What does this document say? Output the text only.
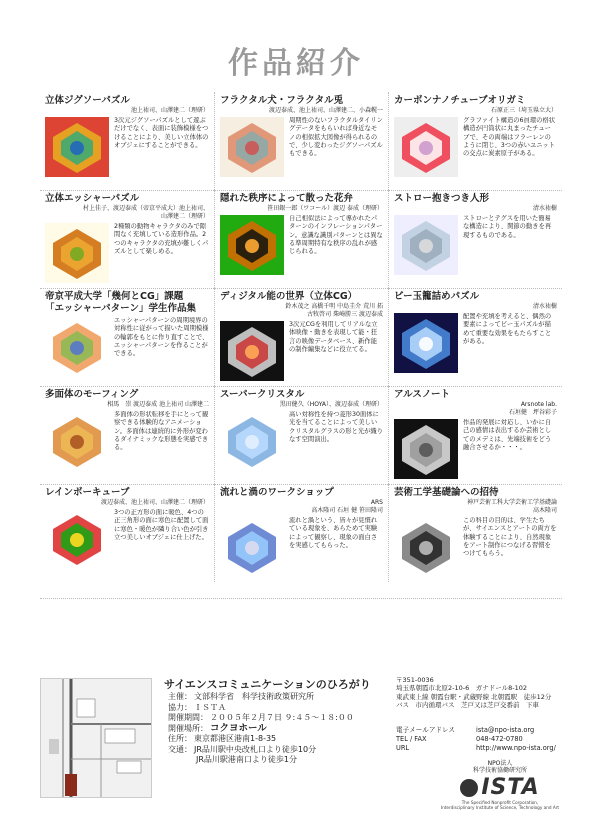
作品紹介
立体ジグソーパズル
池上祐司、山澤建二（理研）
3次元ジグソーパズルとして遊ぶだけでなく、表面に装飾模様をつけることにより、美しい立体体のオブジェにすることができる。
フラクタル犬・フラクタル兎
渡辺泰成、池上祐司、山澤建二、小森幌一
周期性のないフラクタルタイリングデータをもらいれば身近なモノの相似拡大図像が得られるので、少し変わったジグソーパズルもできる。
カーボンナノチューブオリガミ
石原正三（埼玉県立大）
グラファイト構造の6員環の格状構造が円筒状に丸まったチューブで、その両端はフラーレンのように閉じ、3つの赤いユニットの交点に炭素原子がある。
立体エッシャーパズル
村上佳子、渡辺泰成（帝京平成大）池上祐司、
山澤建二（理研）
2種類の動物キャラクタのみで隙間なく充填している造形作品。2つのキャラクタの充填が難しくパズルとして楽しめる。
隠れた秩序によって散った花弁
笹田銀一郎（ワコール）渡辺 泰成（理研）
自己相似法によって導かれたパターンのインフレーションパターン。意識な識別パターンとは異なる準周期特有な秩序の乱れが感じられる。
ストロー抱きつき人形
清水祐樹
ストローとテグスを用いた簡易な構造により、関節の動きを再現するものである。
帝京平成大学「幾何とCG」課題
「エッシャーパターン」学生作品集
エッシャーパターンの周期境界の対称性に従がって描いた周期模様の輪郭をもとに作り直すことで、エッシャーパターンを作ることができる。
ディジタル能の世界（立体CG）
鈴木茂之 高橋千明 中島圭介 荒川 拓
古牧啓司 柴崎勝三 渡辺泰成
3次元CGを利用してリアルな立体映像・動きを表現して能・狂言の映像データベース、新作能の制作編集などに役立てる。
ビー玉籠詰めパズル
清水祐樹
配置や充填を考えると、偶然の要素によってビー玉パズルが描めて重要な効果をもたらすことがある。
多面体のモーフィング
相馬　崇 渡辺泰成 池上祐司 山澤建二
多面体の形状転移を手にとって観察できる体験的なアニメーション。多面体は連続的に外形が変わるダイナミックな形態を実感できる。
スーパークリスタル
黒田健久（HOYA）、渡辺泰成（理研）
高い対称性を持つ菱形30面体に光を当てることによって美しいクリスタルグラスの形と光が織りなす空間演出。
アルスノート
Arsnote lab.
石垣健　坪谷彩子
作品的発展に対応し、いかに自己の感情は表出するか芸術としてのメデミは、先端技術をどう融合させるか・・・。
レインボーキューブ
渡辺泰成、池上祐司、山澤建二（理研）
3つの正方形の面に暖色、4つの正三角形の面に寒色に配置して面に寒色・暖色が隣り合い色が引き立つ美しいオブジェに仕上げた。
流れと渦のワークショップ
ARS
高木隆司 石垣 健 笹田隆司
流れと渦という、皆々が見慣れている現象を、あらためて実験によって観察し、現象の面白さを実感してもらった。
芸術工学基礎論への招待
神戸芸術工科大学芸術工学基礎論
高木隆司
この科目の目的は、学生たちが、サイエンスとアートの両方を体験することにより、自然現象をアート制作につなげる習慣をつけてもらう。
サイエンスコミュニケーションのひろがり
主催： 文部科学省　科学技術政策研究所
協力： ＩＳＴＡ
開催期間： ２００５年２月７日 ９:４５〜１８:００
開催場所： コクヨホール
住所： 東京都港区港南1-8-35
交通： JR品川駅中央改札口より徒歩10分
JR品川駅港南口より徒歩1分
〒351-0036
埼玉県朝霞市北原2-10-6　ガナドール8-102
東武東上線 朝霞台駅・武蔵野線 北朝霞駅　徒歩12分
バス　市内循環バス　芝戸又は芝戸交番前　下車
電子メールアドレス	ista@npo-ista.org
TEL / FAX	048-472-0780
URL	http://www.npo-ista.org/
NPO法人
科学技術協働研究所
ISTA
The Specified Nonprofit Corporation,
Interdisciplinary Institute of Science, Technology and Art
